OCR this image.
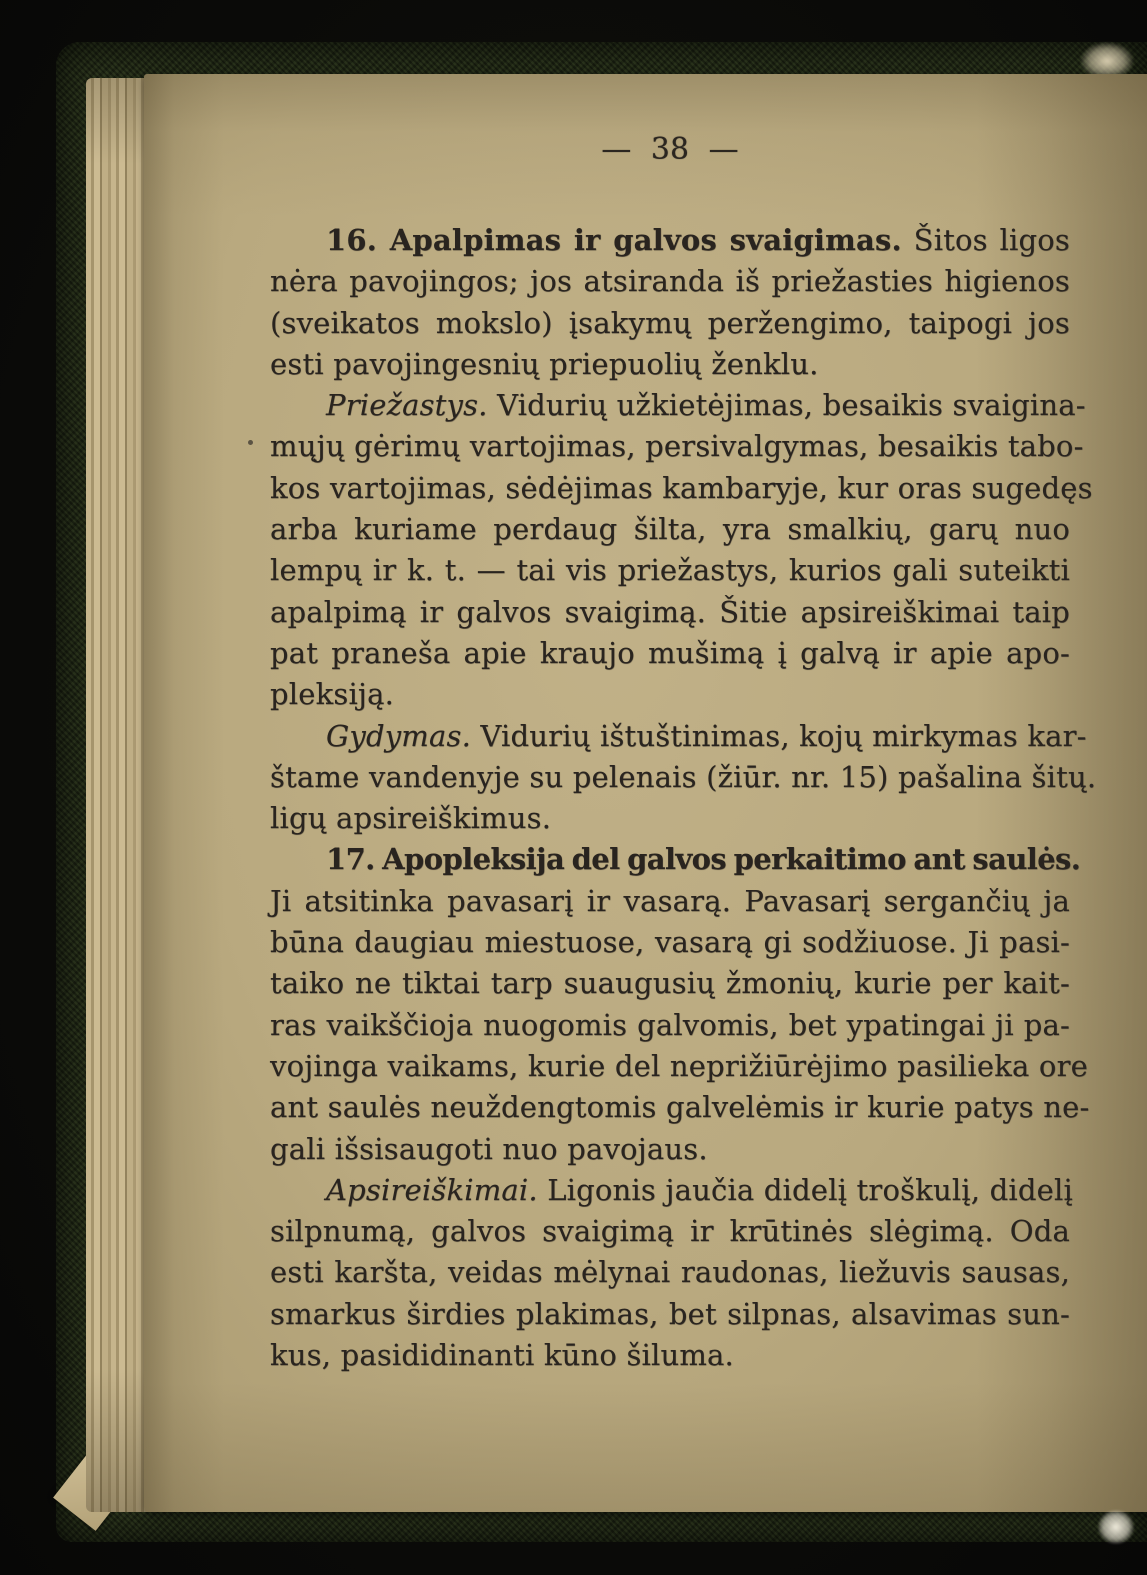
— 38 —
16. Apalpimas ir galvos svaigimas. Šitos ligos
nėra pavojingos; jos atsiranda iš priežasties higienos
(sveikatos mokslo) įsakymų peržengimo, taipogi jos
esti pavojingesnių priepuolių ženklu.
Priežastys. Vidurių užkietėjimas, besaikis svaigina-
mųjų gėrimų vartojimas, persivalgymas, besaikis tabo-
kos vartojimas, sėdėjimas kambaryje, kur oras sugedęs
arba kuriame perdaug šilta, yra smalkių, garų nuo
lempų ir k. t. — tai vis priežastys, kurios gali suteikti
apalpimą ir galvos svaigimą. Šitie apsireiškimai taip
pat praneša apie kraujo mušimą į galvą ir apie apo-
pleksiją.
Gydymas. Vidurių ištuštinimas, kojų mirkymas kar-
štame vandenyje su pelenais (žiūr. nr. 15) pašalina šitų.
ligų apsireiškimus.
17. Apopleksija del galvos perkaitimo ant saulės.
Ji atsitinka pavasarį ir vasarą. Pavasarį sergančių ja
būna daugiau miestuose, vasarą gi sodžiuose. Ji pasi-
taiko ne tiktai tarp suaugusių žmonių, kurie per kait-
ras vaikščioja nuogomis galvomis, bet ypatingai ji pa-
vojinga vaikams, kurie del neprižiūrėjimo pasilieka ore
ant saulės neuždengtomis galvelėmis ir kurie patys ne-
gali išsisaugoti nuo pavojaus.
Apsireiškimai. Ligonis jaučia didelį troškulį, didelį
silpnumą, galvos svaigimą ir krūtinės slėgimą. Oda
esti karšta, veidas mėlynai raudonas, liežuvis sausas,
smarkus širdies plakimas, bet silpnas, alsavimas sun-
kus, pasididinanti kūno šiluma.
